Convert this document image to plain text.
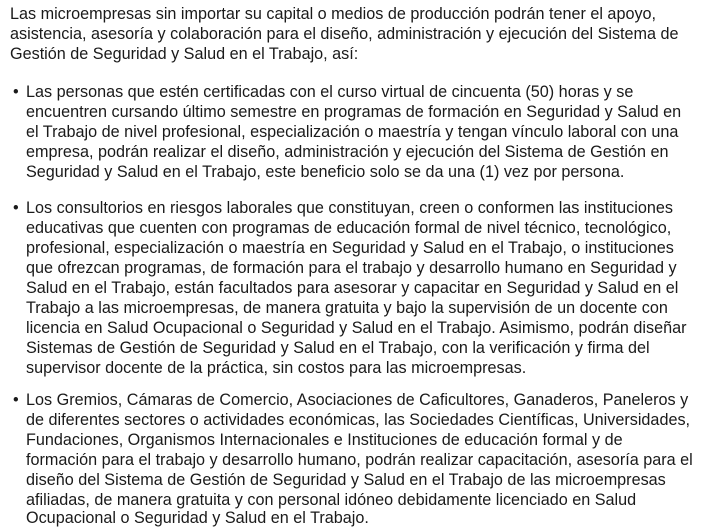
Las microempresas sin importar su capital o medios de producción podrán tener el apoyo,
asistencia, asesoría y colaboración para el diseño, administración y ejecución del Sistema de
Gestión de Seguridad y Salud en el Trabajo, así:
• Las personas que estén certificadas con el curso virtual de cincuenta (50) horas y se
encuentren cursando último semestre en programas de formación en Seguridad y Salud en
el Trabajo de nivel profesional, especialización o maestría y tengan vínculo laboral con una
empresa, podrán realizar el diseño, administración y ejecución del Sistema de Gestión en
Seguridad y Salud en el Trabajo, este beneficio solo se da una (1) vez por persona.
• Los consultorios en riesgos laborales que constituyan, creen o conformen las instituciones
educativas que cuenten con programas de educación formal de nivel técnico, tecnológico,
profesional, especialización o maestría en Seguridad y Salud en el Trabajo, o instituciones
que ofrezcan programas, de formación para el trabajo y desarrollo humano en Seguridad y
Salud en el Trabajo, están facultados para asesorar y capacitar en Seguridad y Salud en el
Trabajo a las microempresas, de manera gratuita y bajo la supervisión de un docente con
licencia en Salud Ocupacional o Seguridad y Salud en el Trabajo. Asimismo, podrán diseñar
Sistemas de Gestión de Seguridad y Salud en el Trabajo, con la verificación y firma del
supervisor docente de la práctica, sin costos para las microempresas.
• Los Gremios, Cámaras de Comercio, Asociaciones de Caficultores, Ganaderos, Paneleros y
de diferentes sectores o actividades económicas, las Sociedades Científicas, Universidades,
Fundaciones, Organismos Internacionales e Instituciones de educación formal y de
formación para el trabajo y desarrollo humano, podrán realizar capacitación, asesoría para el
diseño del Sistema de Gestión de Seguridad y Salud en el Trabajo de las microempresas
afiliadas, de manera gratuita y con personal idóneo debidamente licenciado en Salud
Ocupacional o Seguridad y Salud en el Trabajo.
